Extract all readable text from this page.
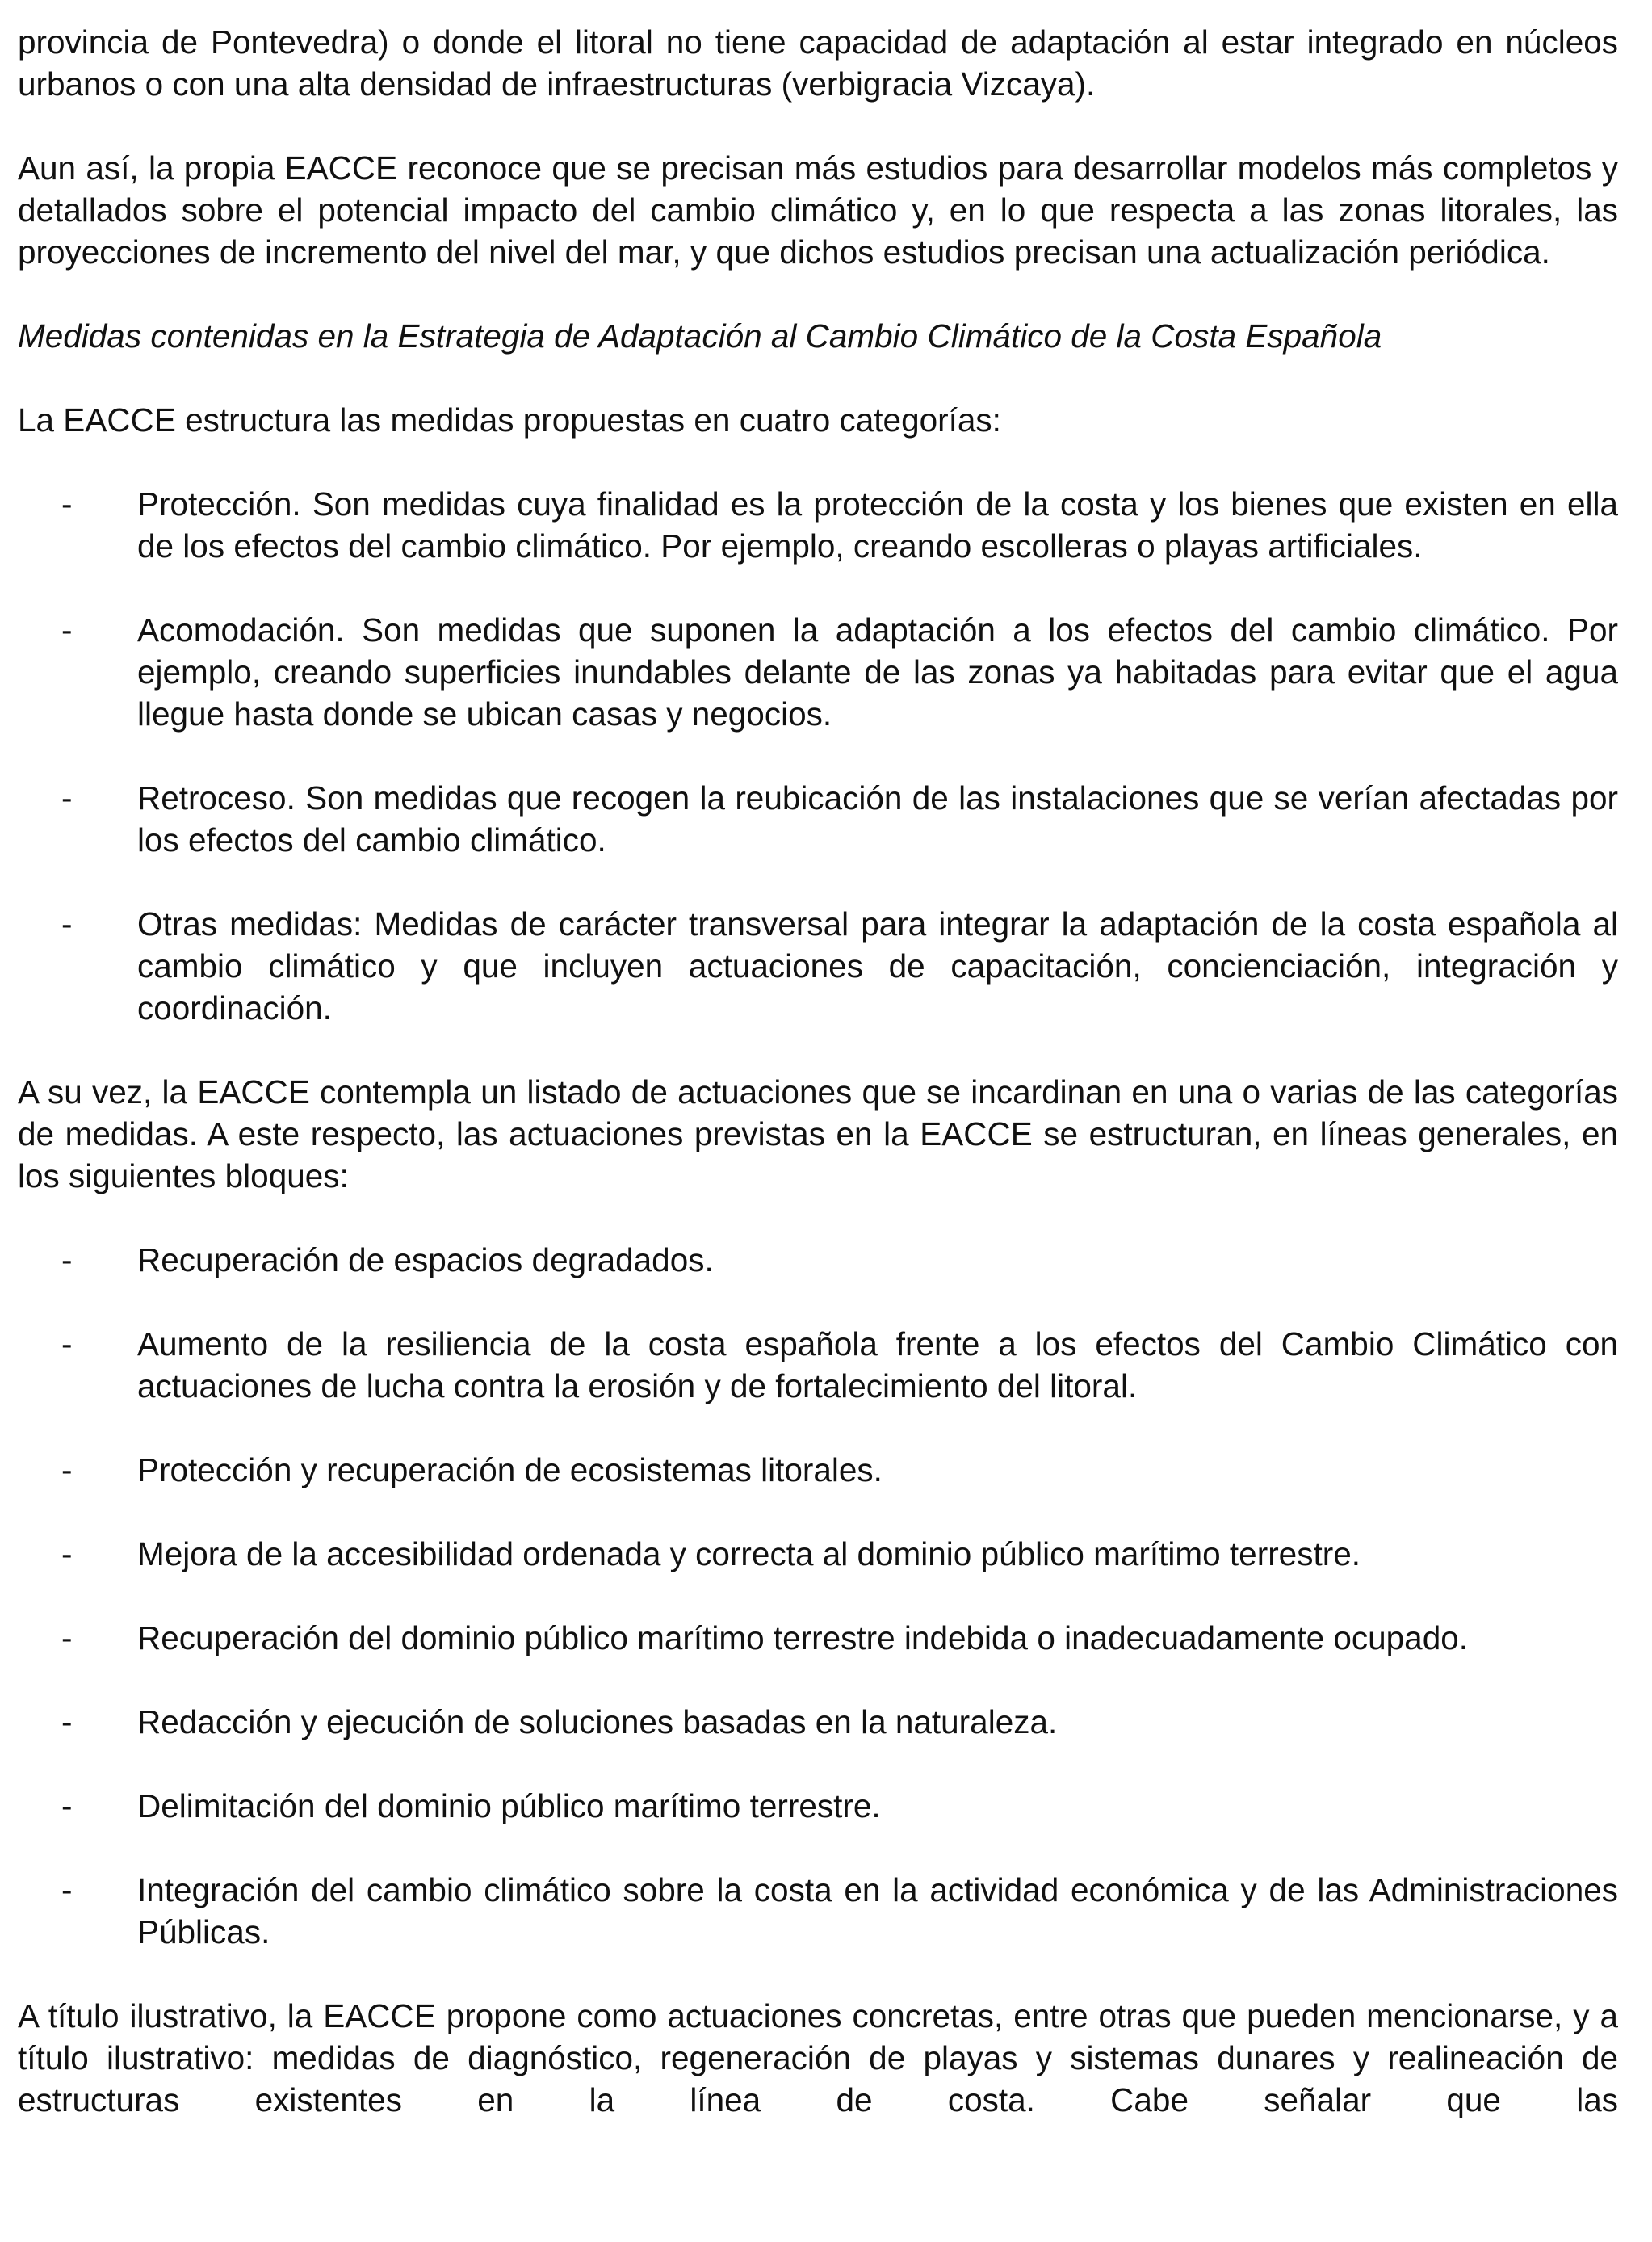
provincia de Pontevedra) o donde el litoral no tiene capacidad de adaptación al estar integrado en núcleos urbanos o con una alta densidad de infraestructuras (verbigracia Vizcaya).

Aun así, la propia EACCE reconoce que se precisan más estudios para desarrollar modelos más completos y detallados sobre el potencial impacto del cambio climático y, en lo que respecta a las zonas litorales, las proyecciones de incremento del nivel del mar, y que dichos estudios precisan una actualización periódica.

Medidas contenidas en la Estrategia de Adaptación al Cambio Climático de la Costa Española

La EACCE estructura las medidas propuestas en cuatro categorías:

- Protección. Son medidas cuya finalidad es la protección de la costa y los bienes que existen en ella de los efectos del cambio climático. Por ejemplo, creando escolleras o playas artificiales.
- Acomodación. Son medidas que suponen la adaptación a los efectos del cambio climático. Por ejemplo, creando superficies inundables delante de las zonas ya habitadas para evitar que el agua llegue hasta donde se ubican casas y negocios.
- Retroceso. Son medidas que recogen la reubicación de las instalaciones que se verían afectadas por los efectos del cambio climático.
- Otras medidas: Medidas de carácter transversal para integrar la adaptación de la costa española al cambio climático y que incluyen actuaciones de capacitación, concienciación, integración y coordinación.

A su vez, la EACCE contempla un listado de actuaciones que se incardinan en una o varias de las categorías de medidas. A este respecto, las actuaciones previstas en la EACCE se estructuran, en líneas generales, en los siguientes bloques:

- Recuperación de espacios degradados.
- Aumento de la resiliencia de la costa española frente a los efectos del Cambio Climático con actuaciones de lucha contra la erosión y de fortalecimiento del litoral.
- Protección y recuperación de ecosistemas litorales.
- Mejora de la accesibilidad ordenada y correcta al dominio público marítimo terrestre.
- Recuperación del dominio público marítimo terrestre indebida o inadecuadamente ocupado.
- Redacción y ejecución de soluciones basadas en la naturaleza.
- Delimitación del dominio público marítimo terrestre.
- Integración del cambio climático sobre la costa en la actividad económica y de las Administraciones Públicas.

A título ilustrativo, la EACCE propone como actuaciones concretas, entre otras que pueden mencionarse, y a título ilustrativo: medidas de diagnóstico, regeneración de playas y sistemas dunares y realineación de estructuras existentes en la línea de costa. Cabe señalar que las
